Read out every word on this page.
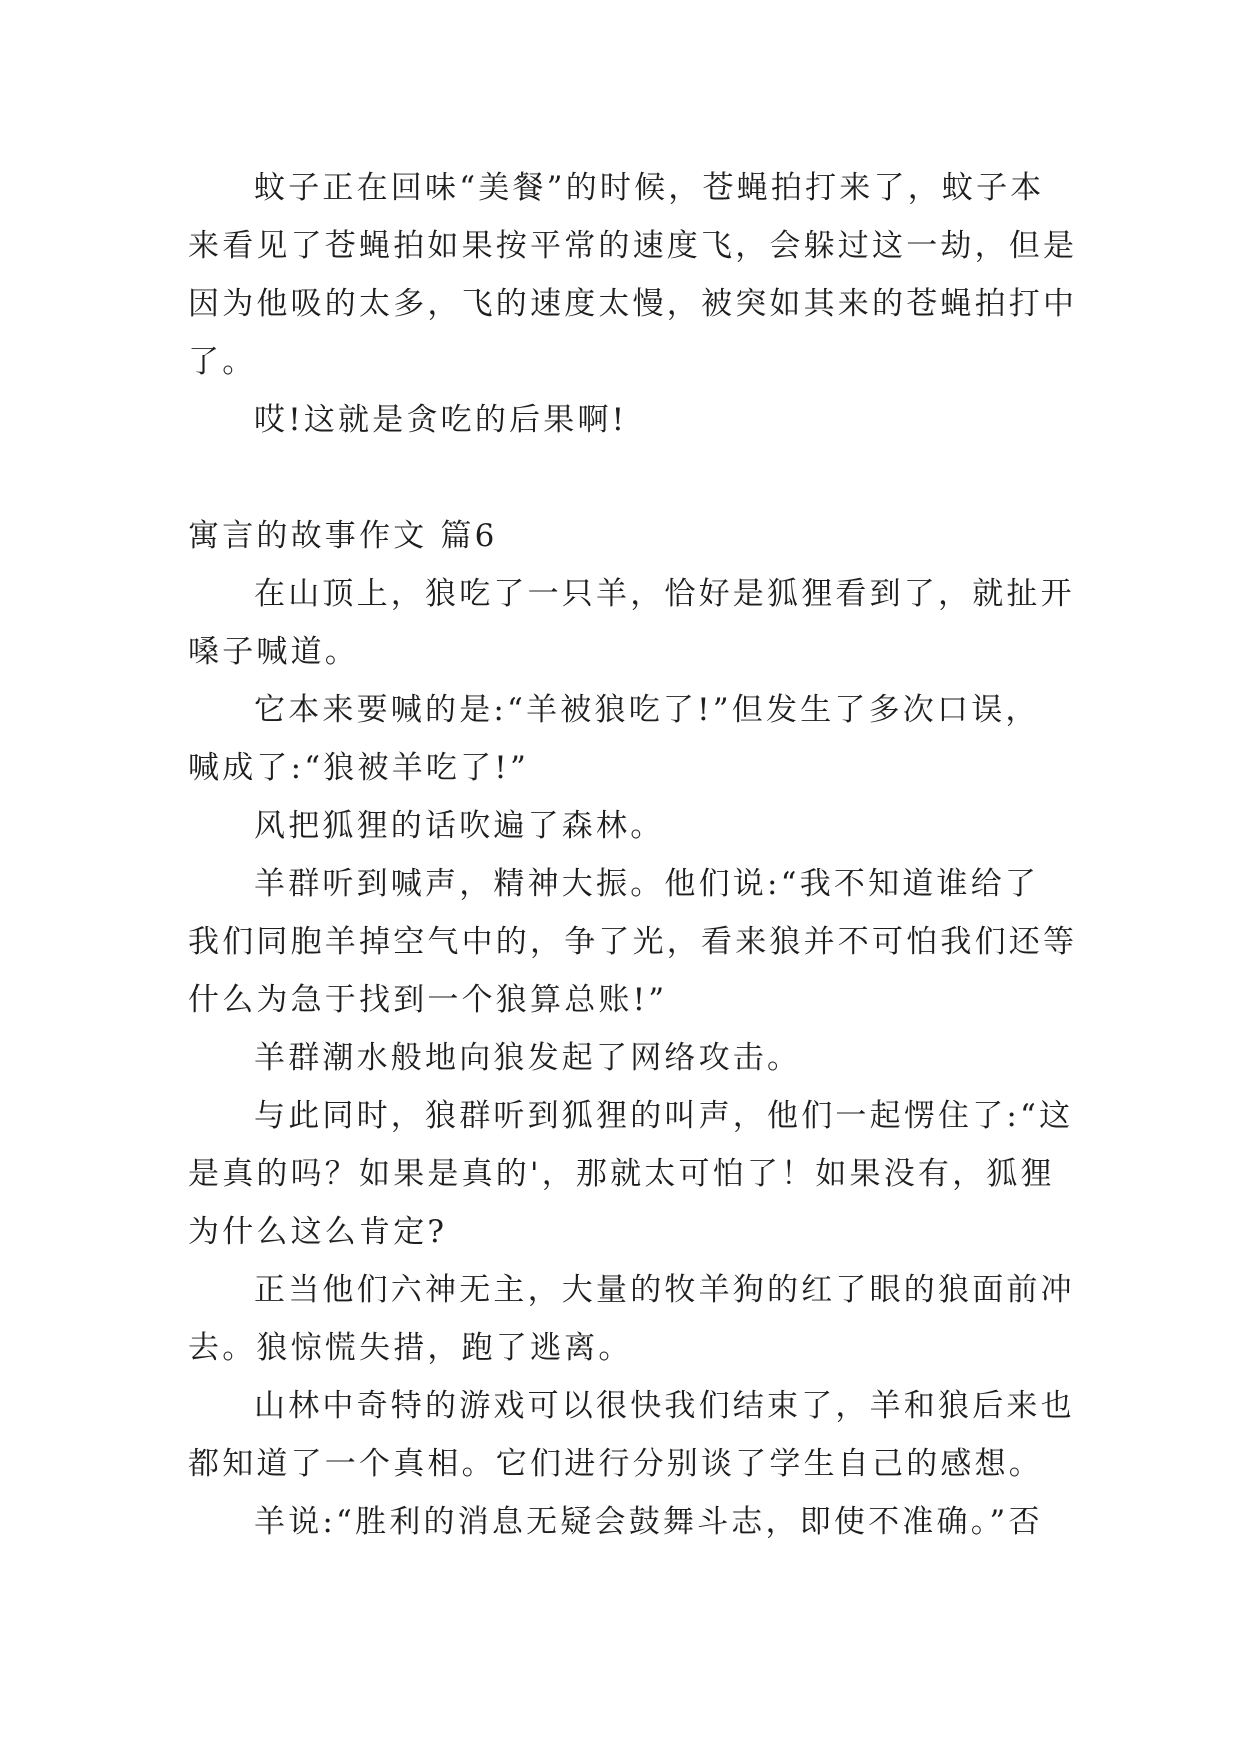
蚊子正在回味“美餐”的时候，苍蝇拍打来了，蚊子本
来看见了苍蝇拍如果按平常的速度飞，会躲过这一劫，但是
因为他吸的太多，飞的速度太慢，被突如其来的苍蝇拍打中
了。
哎!这就是贪吃的后果啊!
寓言的故事作文 篇6
在山顶上，狼吃了一只羊，恰好是狐狸看到了，就扯开
嗓子喊道。
它本来要喊的是:“羊被狼吃了!”但发生了多次口误，
喊成了:“狼被羊吃了!”
风把狐狸的话吹遍了森林。
羊群听到喊声，精神大振。他们说:“我不知道谁给了
我们同胞羊掉空气中的，争了光，看来狼并不可怕我们还等
什么为急于找到一个狼算总账!”
羊群潮水般地向狼发起了网络攻击。
与此同时，狼群听到狐狸的叫声，他们一起愣住了:“这
是真的吗？如果是真的'，那就太可怕了！如果没有，狐狸
为什么这么肯定?
正当他们六神无主，大量的牧羊狗的红了眼的狼面前冲
去。狼惊慌失措，跑了逃离。
山林中奇特的游戏可以很快我们结束了，羊和狼后来也
都知道了一个真相。它们进行分别谈了学生自己的感想。
羊说:“胜利的消息无疑会鼓舞斗志，即使不准确。”否
